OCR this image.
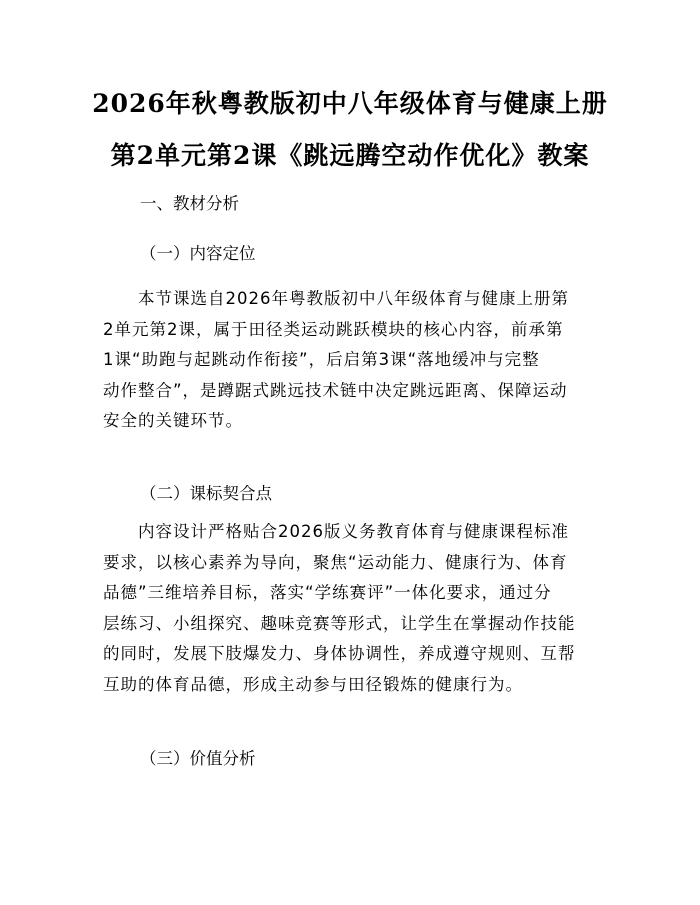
2026年秋粤教版初中八年级体育与健康上册
第2单元第2课《跳远腾空动作优化》教案
一、教材分析
（一）内容定位
　　本节课选自2026年粤教版初中八年级体育与健康上册第
2单元第2课，属于田径类运动跳跃模块的核心内容，前承第
1课“助跑与起跳动作衔接”，后启第3课“落地缓冲与完整
动作整合”，是蹲踞式跳远技术链中决定跳远距离、保障运动
安全的关键环节。
（二）课标契合点
　　内容设计严格贴合2026版义务教育体育与健康课程标准
要求，以核心素养为导向，聚焦“运动能力、健康行为、体育
品德”三维培养目标，落实“学练赛评”一体化要求，通过分
层练习、小组探究、趣味竞赛等形式，让学生在掌握动作技能
的同时，发展下肢爆发力、身体协调性，养成遵守规则、互帮
互助的体育品德，形成主动参与田径锻炼的健康行为。
（三）价值分析
